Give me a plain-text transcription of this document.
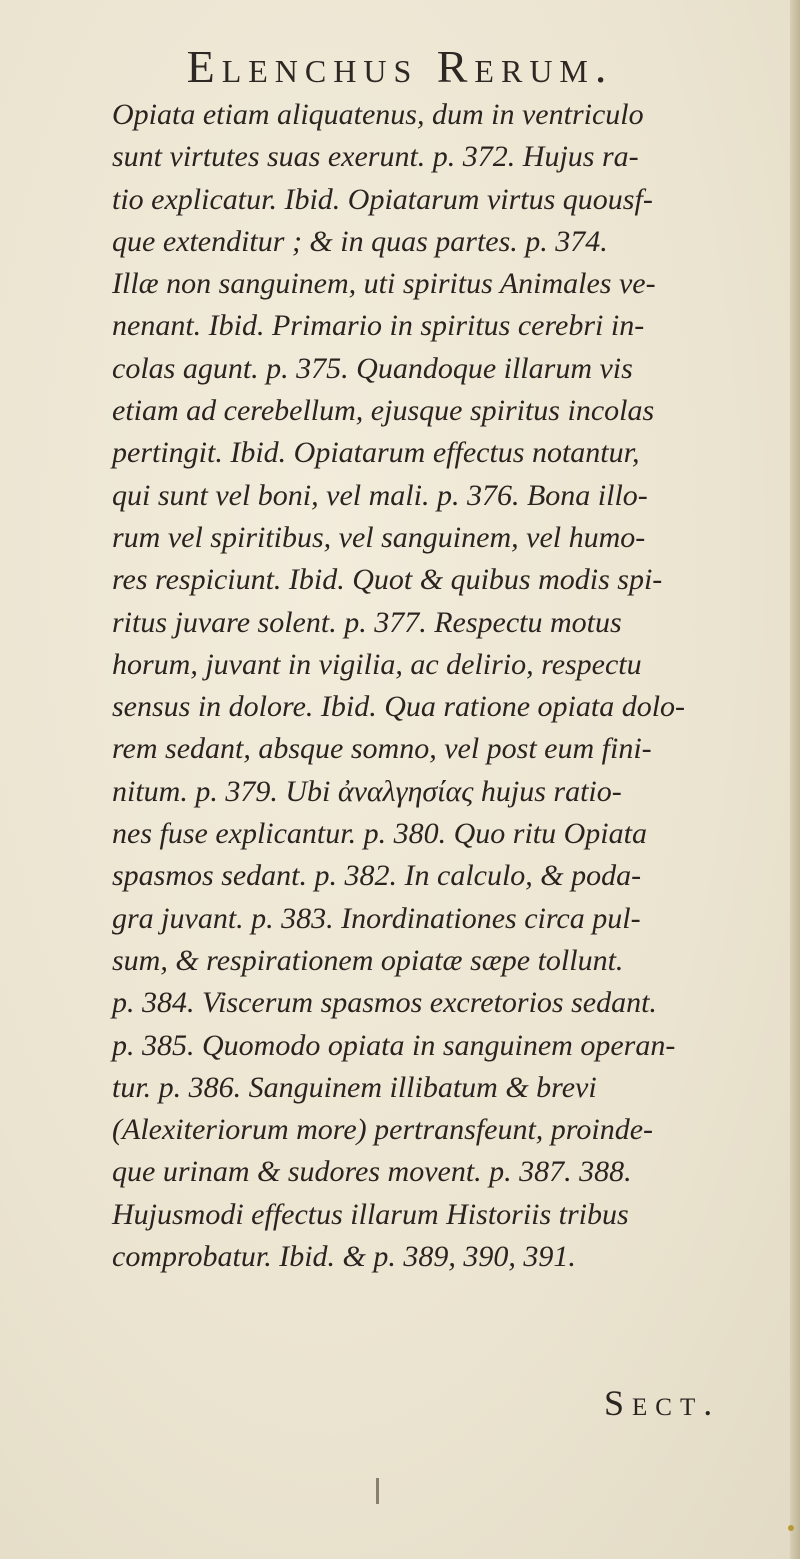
Elenchus Rerum.
Opiata etiam aliquatenus, dum in ventriculo
sunt virtutes suas exerunt. p. 372. Hujus ra-
tio explicatur. Ibid. Opiatarum virtus quousf-
que extenditur ; & in quas partes. p. 374.
Illæ non sanguinem, uti spiritus Animales ve-
nenant. Ibid. Primario in spiritus cerebri in-
colas agunt. p. 375. Quandoque illarum vis
etiam ad cerebellum, ejusque spiritus incolas
pertingit. Ibid. Opiatarum effectus notantur,
qui sunt vel boni, vel mali. p. 376. Bona illo-
rum vel spiritibus, vel sanguinem, vel humo-
res respiciunt. Ibid. Quot & quibus modis spi-
ritus juvare solent. p. 377. Respectu motus
horum, juvant in vigilia, ac delirio, respectu
sensus in dolore. Ibid. Qua ratione opiata dolo-
rem sedant, absque somno, vel post eum fini-
nitum. p. 379. Ubi ἀναλγησίας hujus ratio-
nes fuse explicantur. p. 380. Quo ritu Opiata
spasmos sedant. p. 382. In calculo, & poda-
gra juvant. p. 383. Inordinationes circa pul-
sum, & respirationem opiatæ sæpe tollunt.
p. 384. Viscerum spasmos excretorios sedant.
p. 385. Quomodo opiata in sanguinem operan-
tur. p. 386. Sanguinem illibatum & brevi
(Alexiteriorum more) pertransfeunt, proinde-
que urinam & sudores movent. p. 387. 388.
Hujusmodi effectus illarum Historiis tribus
comprobatur. Ibid. & p. 389, 390, 391.
Sect.
